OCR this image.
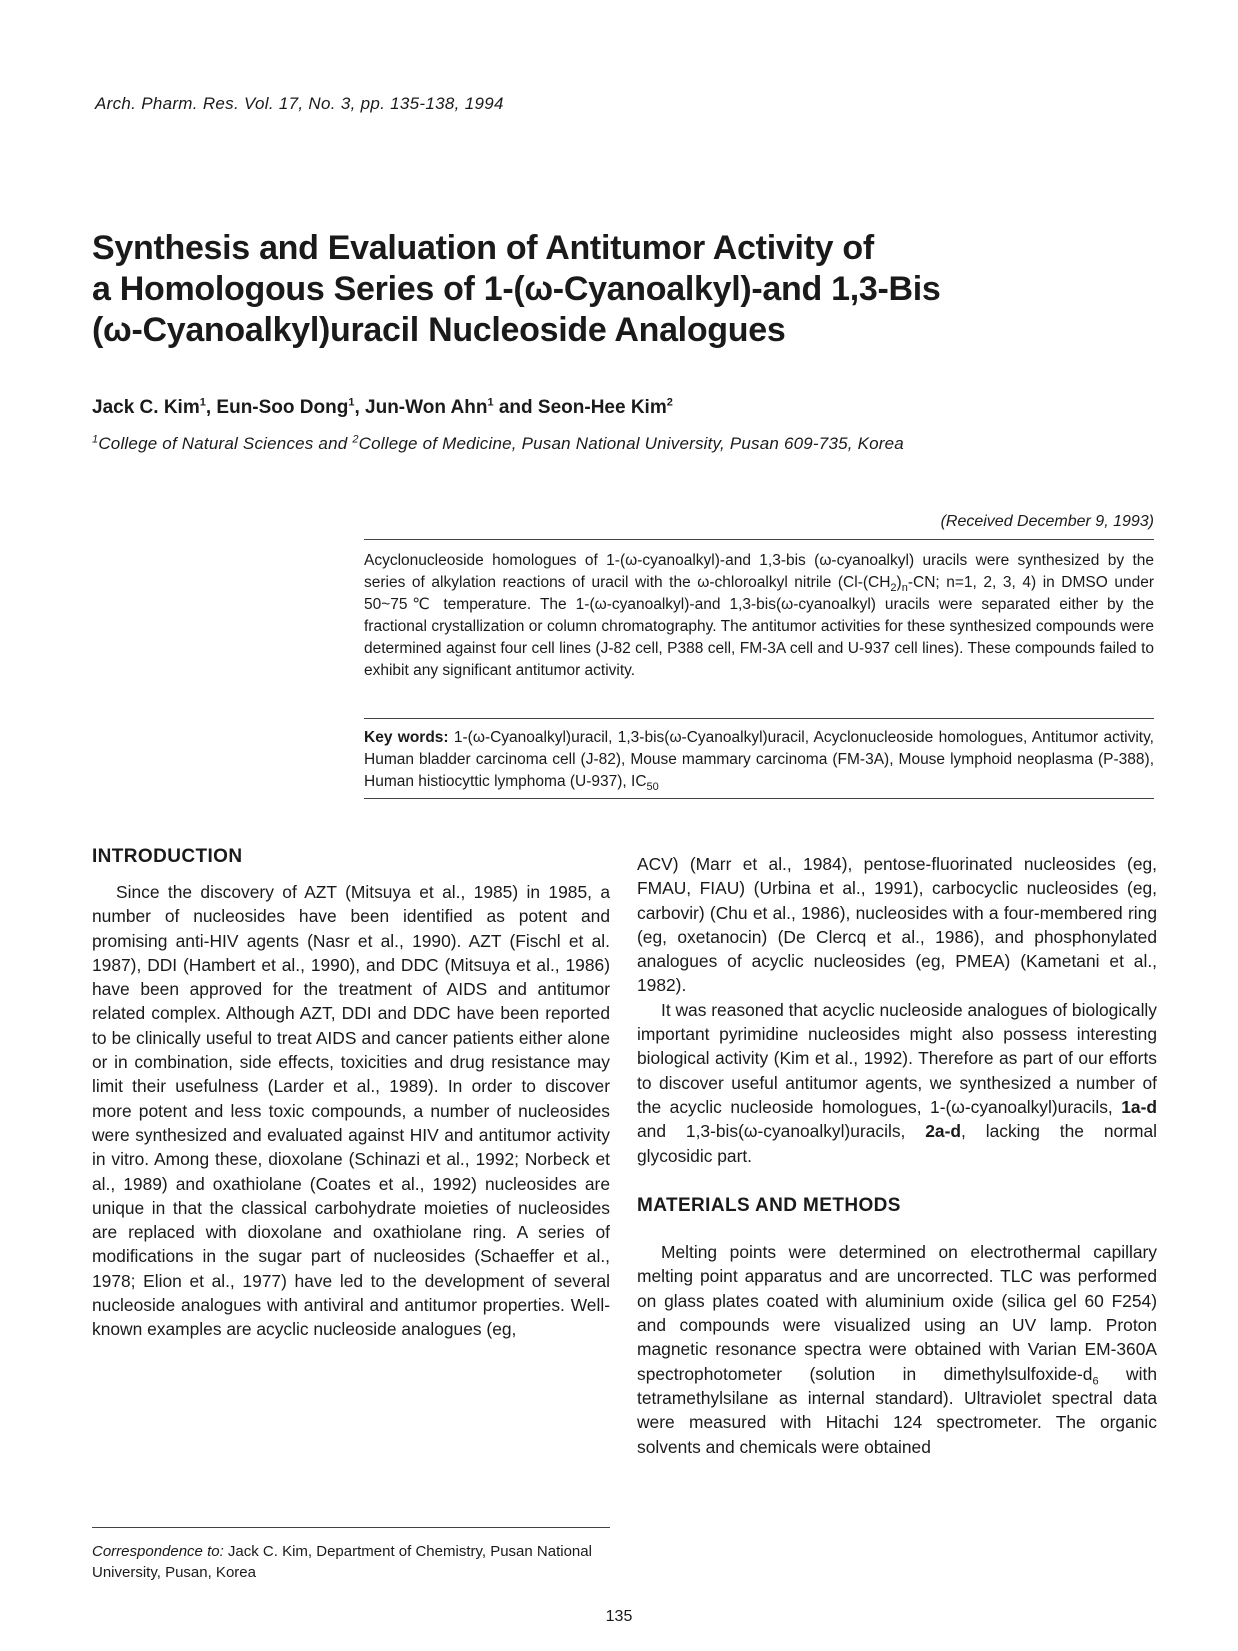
Arch. Pharm. Res. Vol. 17, No. 3, pp. 135-138, 1994
Synthesis and Evaluation of Antitumor Activity of
a Homologous Series of 1-(ω-Cyanoalkyl)-and 1,3-Bis
(ω-Cyanoalkyl)uracil Nucleoside Analogues
Jack C. Kim$^1$, Eun-Soo Dong$^1$, Jun-Won Ahn$^1$ and Seon-Hee Kim$^2$
$^1$College of Natural Sciences and $^2$College of Medicine, Pusan National University, Pusan 609-735, Korea
(Received December 9, 1993)
Acyclonucleoside homologues of 1-(ω-cyanoalkyl)-and 1,3-bis (ω-cyanoalkyl) uracils were synthesized by the series of alkylation reactions of uracil with the ω-chloroalkyl nitrile ($Cl-(CH_2)_n-CN$; n=1, 2, 3, 4) in DMSO under 50~75℃ temperature. The 1-(ω-cyanoalkyl)-and 1,3-bis(ω-cyanoalkyl) uracils were separated either by the fractional crystallization or column chromatography. The antitumor activities for these synthesized compounds were determined against four cell lines (J-82 cell, P388 cell, FM-3A cell and U-937 cell lines). These compounds failed to exhibit any significant antitumor activity.
Key words: 1-(ω-Cyanoalkyl)uracil, 1,3-bis(ω-Cyanoalkyl)uracil, Acyclonucleoside homologues, Antitumor activity, Human bladder carcinoma cell (J-82), Mouse mammary carcinoma (FM-3A), Mouse lymphoid neoplasma (P-388), Human histiocyttic lymphoma (U-937), $IC_{50}$
INTRODUCTION

Since the discovery of AZT (Mitsuya et al., 1985) in 1985, a number of nucleosides have been identified as potent and promising anti-HIV agents (Nasr et al., 1990). AZT (Fischl et al. 1987), DDI (Hambert et al., 1990), and DDC (Mitsuya et al., 1986) have been approved for the treatment of AIDS and antitumor related complex. Although AZT, DDI and DDC have been reported to be clinically useful to treat AIDS and cancer patients either alone or in combination, side effects, toxicities and drug resistance may limit their usefulness (Larder et al., 1989). In order to discover more potent and less toxic compounds, a number of nucleosides were synthesized and evaluated against HIV and antitumor activity in vitro. Among these, dioxolane (Schinazi et al., 1992; Norbeck et al., 1989) and oxathiolane (Coates et al., 1992) nucleosides are unique in that the classical carbohydrate moieties of nucleosides are replaced with dioxolane and oxathiolane ring. A series of modifications in the sugar part of nucleosides (Schaeffer et al., 1978; Elion et al., 1977) have led to the development of several nucleoside analogues with antiviral and antitumor properties. Well-known examples are acyclic nucleoside analogues (eg,

Correspondence to: Jack C. Kim, Department of Chemistry, Pusan National University, Pusan, Korea

ACV) (Marr et al., 1984), pentose-fluorinated nucleosides (eg, FMAU, FIAU) (Urbina et al., 1991), carbocyclic nucleosides (eg, carbovir) (Chu et al., 1986), nucleosides with a four-membered ring (eg, oxetanocin) (De Clercq et al., 1986), and phosphonylated analogues of acyclic nucleosides (eg, PMEA) (Kametani et al., 1982).

It was reasoned that acyclic nucleoside analogues of biologically important pyrimidine nucleosides might also possess interesting biological activity (Kim et al., 1992). Therefore as part of our efforts to discover useful antitumor agents, we synthesized a number of the acyclic nucleoside homologues, 1-(ω-cyanoalkyl)uracils, 1a-d and 1,3-bis(ω-cyanoalkyl)uracils, 2a-d, lacking the normal glycosidic part.

MATERIALS AND METHODS

Melting points were determined on electrothermal capillary melting point apparatus and are uncorrected. TLC was performed on glass plates coated with aluminium oxide (silica gel 60 F254) and compounds were visualized using an UV lamp. Proton magnetic resonance spectra were obtained with Varian EM-360A spectrophotometer (solution in dimethylsulfoxide-$d_6$ with tetramethylsilane as internal standard). Ultraviolet spectral data were measured with Hitachi 124 spectrometer. The organic solvents and chemicals were obtained

135
